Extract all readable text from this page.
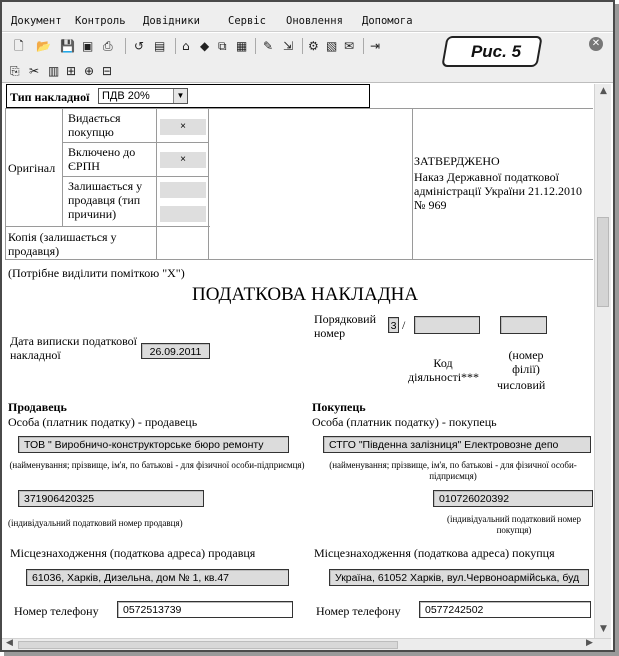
Документ Контроль Довідники	Сервіс Оновлення Допомога
🗋 📂 💾 ▣ ⎙ ↺ ▤ ⌂ ◆ ⧉ ▦ ✎ ⇲ ⚙ ▧ ✉ ⇥
⎘ ✂ ▥ ⊞ ⊕ ⊟
Рис. 5	✕
Тип накладної	ПДВ 20%	▼
Оригінал
Видається покупцю	×
Включено до ЄРПН	×
Залишається у продавця (тип причини)
Копія (залишається у продавця)
ЗАТВЕРДЖЕНО
Наказ Державної податкової адміністрації України 21.12.2010 № 969
(Потрібне виділити поміткою "Х")
ПОДАТКОВА НАКЛАДНА
Порядковий номер	3 /
Дата виписки податкової накладної	26.09.2011
Код діяльності***
(номер філії)
числовий
Продавець	Покупець
Особа (платник податку) - продавець	Особа (платник податку) - покупець
ТОВ " Виробничо-конструкторське бюро ремонту	СТГО "Південна залізниця" Електровозне депо
(найменування; прізвище, ім'я, по батькові - для фізичної особи-підприємця)	(найменування; прізвище, ім'я, по батькові - для фізичної особи-підприємця)
371906420325	010726020392
(індивідуальний податковий номер продавця)	(індивідуальний податковий номер покупця)
Місцезнаходження (податкова адреса) продавця	Місцезнаходження (податкова адреса) покупця
61036, Харків, Дизельна, дом № 1, кв.47	Україна, 61052 Харків, вул.Червоноармійська, буд
Номер телефону	0572513739	Номер телефону	0577242502
▲
▼
◀	▶
